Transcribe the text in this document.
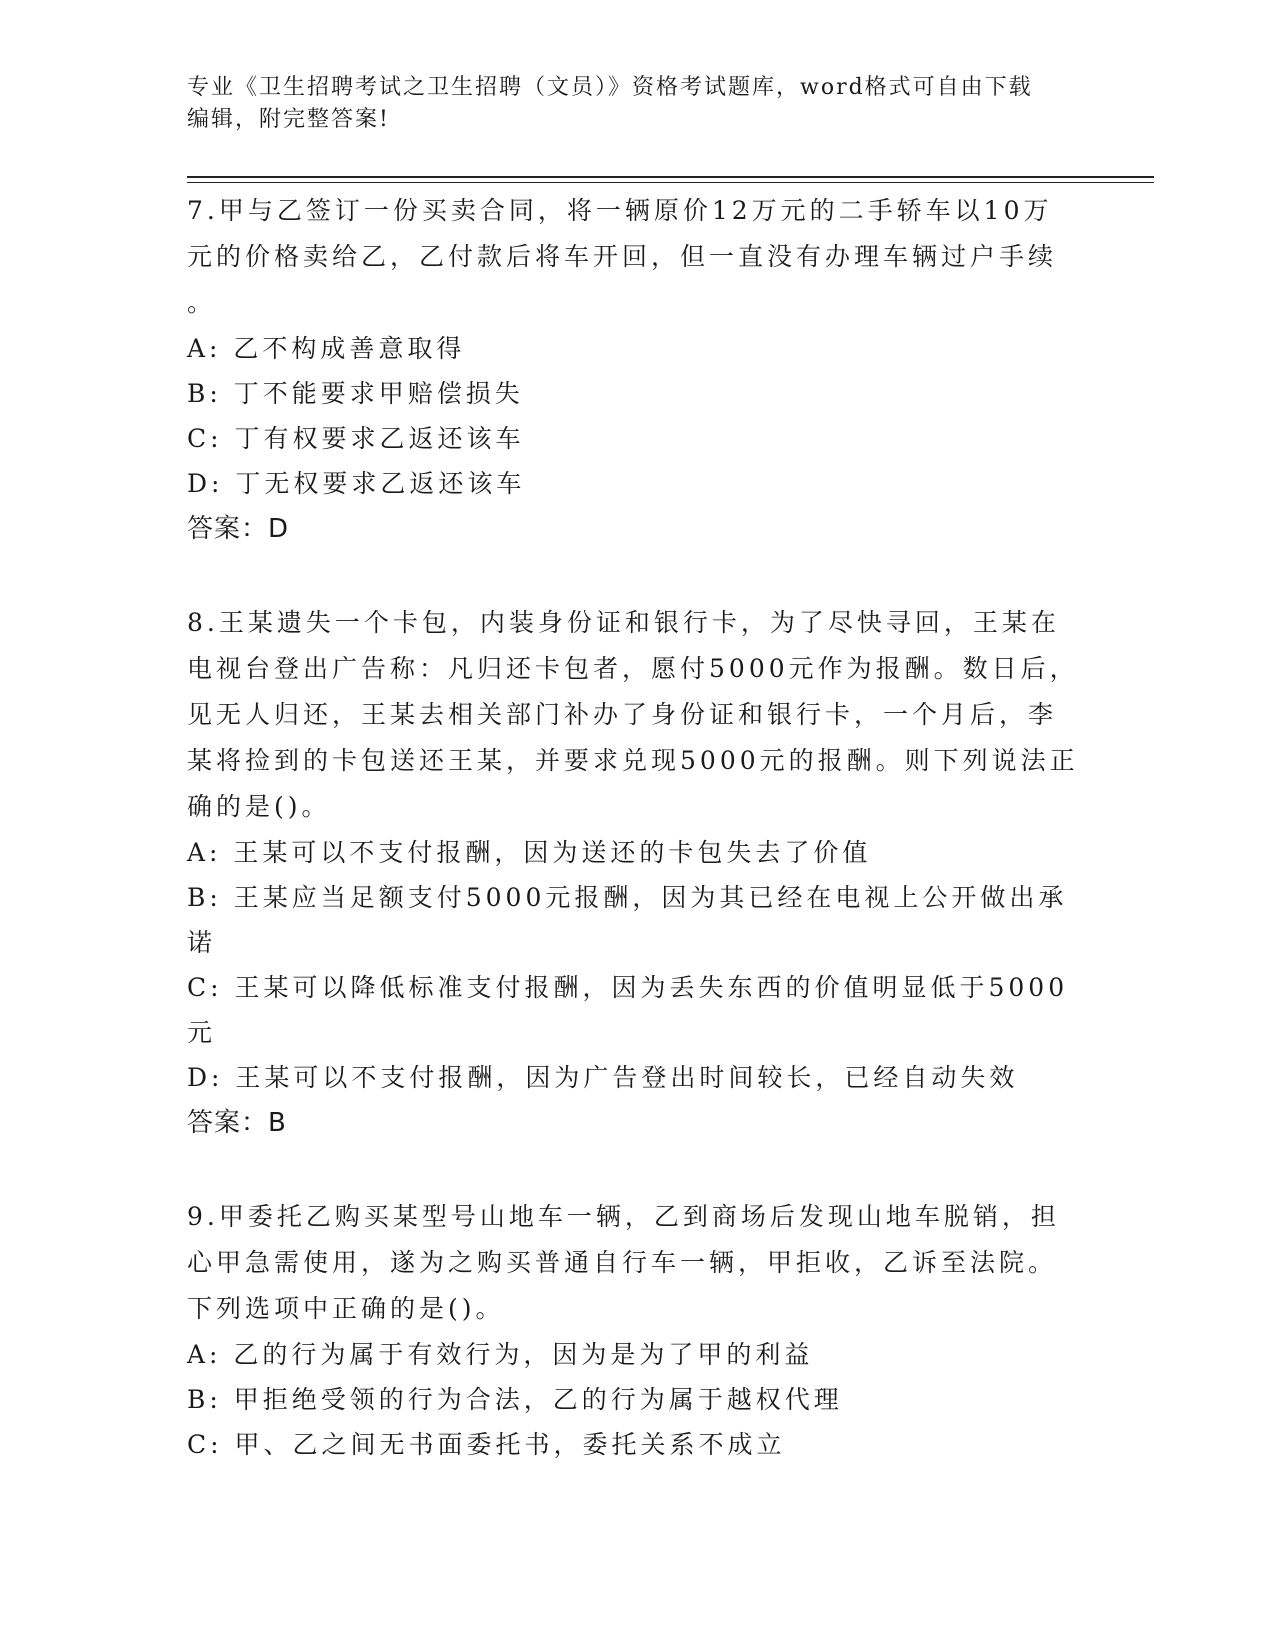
专业《卫生招聘考试之卫生招聘（文员）》资格考试题库，word格式可自由下载
编辑，附完整答案!
7.甲与乙签订一份买卖合同，将一辆原价12万元的二手轿车以10万
元的价格卖给乙，乙付款后将车开回，但一直没有办理车辆过户手续
。
A: 乙不构成善意取得
B: 丁不能要求甲赔偿损失
C: 丁有权要求乙返还该车
D: 丁无权要求乙返还该车
答案：D
8.王某遗失一个卡包，内装身份证和银行卡，为了尽快寻回，王某在
电视台登出广告称：凡归还卡包者，愿付5000元作为报酬。数日后，
见无人归还，王某去相关部门补办了身份证和银行卡，一个月后，李
某将捡到的卡包送还王某，并要求兑现5000元的报酬。则下列说法正
确的是()。
A: 王某可以不支付报酬，因为送还的卡包失去了价值
B: 王某应当足额支付5000元报酬，因为其已经在电视上公开做出承
诺
C: 王某可以降低标准支付报酬，因为丢失东西的价值明显低于5000
元
D: 王某可以不支付报酬，因为广告登出时间较长，已经自动失效
答案：B
9.甲委托乙购买某型号山地车一辆，乙到商场后发现山地车脱销，担
心甲急需使用，遂为之购买普通自行车一辆，甲拒收，乙诉至法院。
下列选项中正确的是()。
A: 乙的行为属于有效行为，因为是为了甲的利益
B: 甲拒绝受领的行为合法，乙的行为属于越权代理
C: 甲、乙之间无书面委托书，委托关系不成立
